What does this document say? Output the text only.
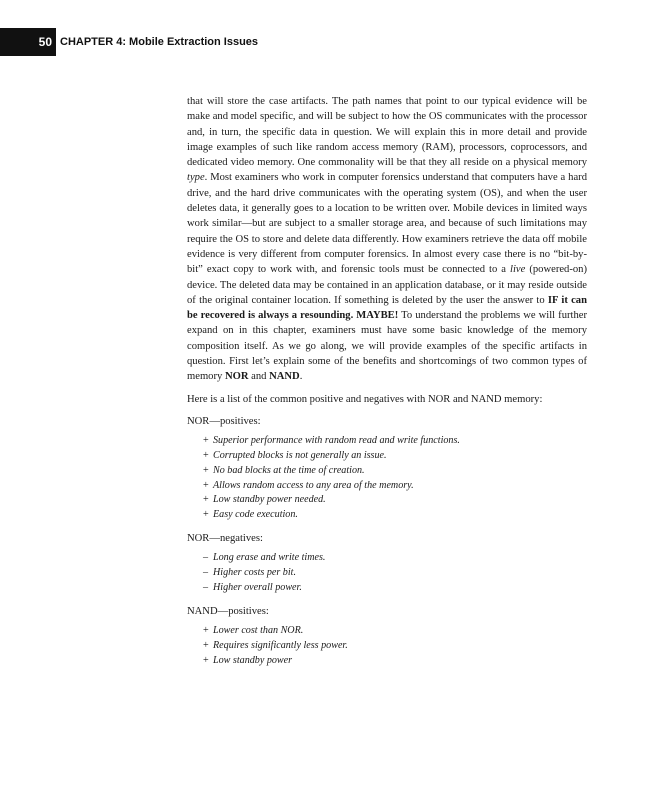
50 CHAPTER 4: Mobile Extraction Issues

that will store the case artifacts. The path names that point to our typical evidence will be make and model specific, and will be subject to how the OS communicates with the processor and, in turn, the specific data in question. We will explain this in more detail and provide image examples of such like random access memory (RAM), processors, coprocessors, and dedicated video memory. One commonality will be that they all reside on a physical memory type. Most examiners who work in computer forensics understand that computers have a hard drive, and the hard drive communicates with the operating system (OS), and when the user deletes data, it generally goes to a location to be written over. Mobile devices in limited ways work similar—but are subject to a smaller storage area, and because of such limitations may require the OS to store and delete data differently. How examiners retrieve the data off mobile evidence is very different from computer forensics. In almost every case there is no “bit-by-bit” exact copy to work with, and forensic tools must be connected to a live (powered-on) device. The deleted data may be contained in an application database, or it may reside outside of the original container location. If something is deleted by the user the answer to IF it can be recovered is always a resounding. MAYBE! To understand the problems we will further expand on in this chapter, examiners must have some basic knowledge of the memory composition itself. As we go along, we will provide examples of the specific artifacts in question. First let’s explain some of the benefits and shortcomings of two common types of memory NOR and NAND.

Here is a list of the common positive and negatives with NOR and NAND memory:

NOR—positives:

+ Superior performance with random read and write functions.
+ Corrupted blocks is not generally an issue.
+ No bad blocks at the time of creation.
+ Allows random access to any area of the memory.
+ Low standby power needed.
+ Easy code execution.

NOR—negatives:

– Long erase and write times.
– Higher costs per bit.
– Higher overall power.

NAND—positives:

+ Lower cost than NOR.
+ Requires significantly less power.
+ Low standby power
